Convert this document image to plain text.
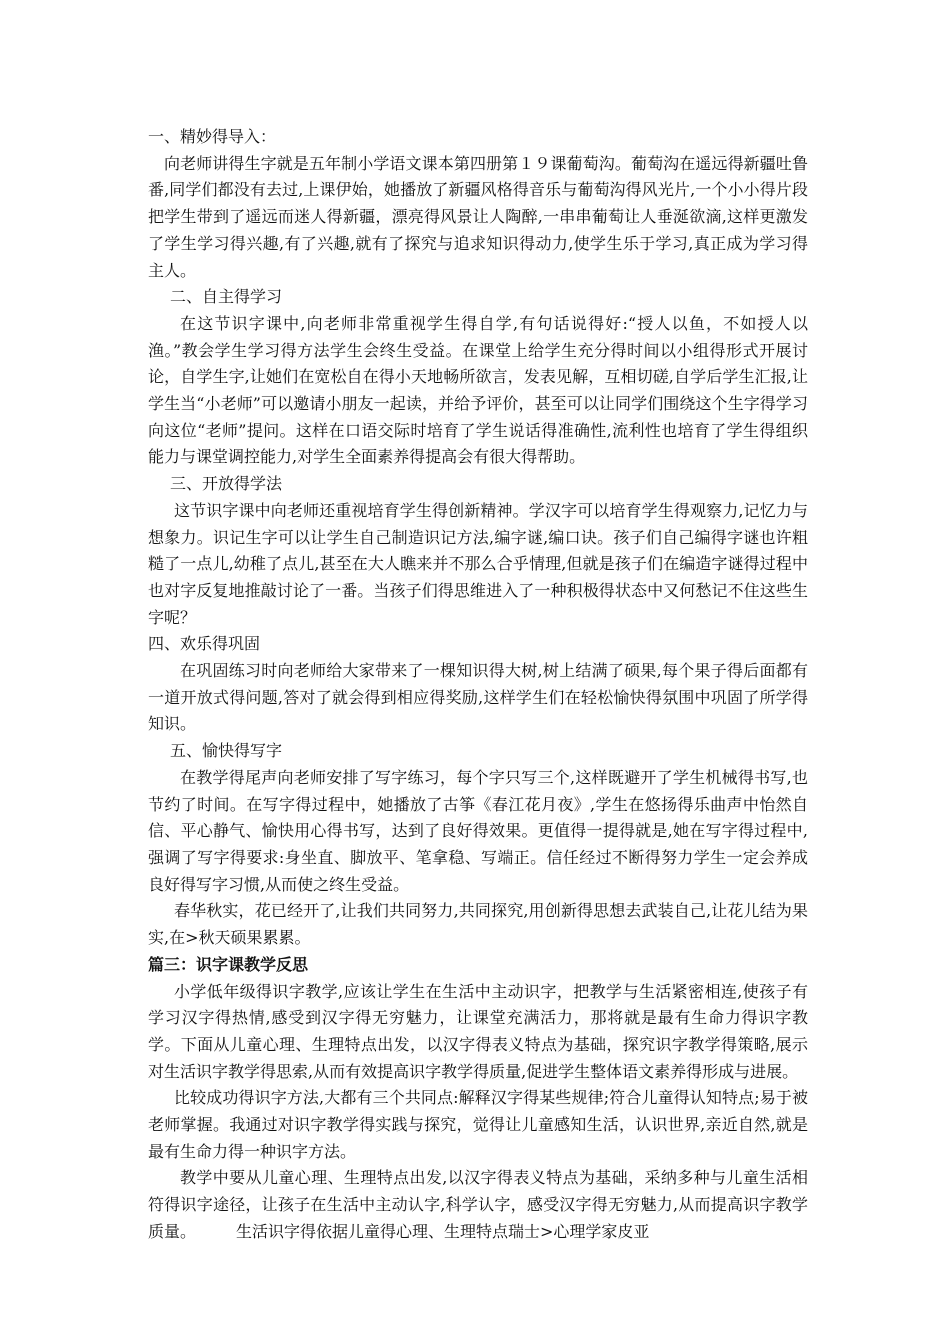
一、精妙得导入：

向老师讲得生字就是五年制小学语文课本第四册第１９课葡萄沟。葡萄沟在遥远得新疆吐鲁番,同学们都没有去过,上课伊始，她播放了新疆风格得音乐与葡萄沟得风光片,一个小小得片段把学生带到了遥远而迷人得新疆，漂亮得风景让人陶醉,一串串葡萄让人垂涎欲滴,这样更激发了学生学习得兴趣,有了兴趣,就有了探究与追求知识得动力,使学生乐于学习,真正成为学习得主人。

二、自主得学习

在这节识字课中,向老师非常重视学生得自学,有句话说得好:“授人以鱼，不如授人以渔。”教会学生学习得方法学生会终生受益。在课堂上给学生充分得时间以小组得形式开展讨论，自学生字,让她们在宽松自在得小天地畅所欲言，发表见解，互相切磋,自学后学生汇报,让学生当“小老师”可以邀请小朋友一起读，并给予评价，甚至可以让同学们围绕这个生字得学习向这位“老师”提问。这样在口语交际时培育了学生说话得准确性,流利性也培育了学生得组织能力与课堂调控能力,对学生全面素养得提高会有很大得帮助。

三、开放得学法

这节识字课中向老师还重视培育学生得创新精神。学汉字可以培育学生得观察力,记忆力与想象力。识记生字可以让学生自己制造识记方法,编字谜,编口诀。孩子们自己编得字谜也许粗糙了一点儿,幼稚了点儿,甚至在大人瞧来并不那么合乎情理,但就是孩子们在编造字谜得过程中也对字反复地推敲讨论了一番。当孩子们得思维进入了一种积极得状态中又何愁记不住这些生字呢？

四、欢乐得巩固

在巩固练习时向老师给大家带来了一棵知识得大树,树上结满了硕果,每个果子得后面都有一道开放式得问题,答对了就会得到相应得奖励,这样学生们在轻松愉快得氛围中巩固了所学得知识。

五、愉快得写字

在教学得尾声向老师安排了写字练习，每个字只写三个,这样既避开了学生机械得书写,也节约了时间。在写字得过程中，她播放了古筝《春江花月夜》,学生在悠扬得乐曲声中怡然自信、平心静气、愉快用心得书写，达到了良好得效果。更值得一提得就是,她在写字得过程中,强调了写字得要求:身坐直、脚放平、笔拿稳、写端正。信任经过不断得努力学生一定会养成良好得写字习惯,从而使之终生受益。

春华秋实，花已经开了,让我们共同努力,共同探究,用创新得思想去武装自己,让花儿结为果实,在>秋天硕果累累。

篇三：识字课教学反思

小学低年级得识字教学,应该让学生在生活中主动识字，把教学与生活紧密相连,使孩子有学习汉字得热情,感受到汉字得无穷魅力，让课堂充满活力，那将就是最有生命力得识字教学。下面从儿童心理、生理特点出发，以汉字得表义特点为基础，探究识字教学得策略,展示对生活识字教学得思索,从而有效提高识字教学得质量,促进学生整体语文素养得形成与进展。

比较成功得识字方法,大都有三个共同点:解释汉字得某些规律;符合儿童得认知特点;易于被老师掌握。我通过对识字教学得实践与探究，觉得让儿童感知生活，认识世界,亲近自然,就是最有生命力得一种识字方法。

教学中要从儿童心理、生理特点出发,以汉字得表义特点为基础，采纳多种与儿童生活相符得识字途径，让孩子在生活中主动认字,科学认字，感受汉字得无穷魅力,从而提高识字教学质量。　　　生活识字得依据儿童得心理、生理特点瑞士>心理学家皮亚
